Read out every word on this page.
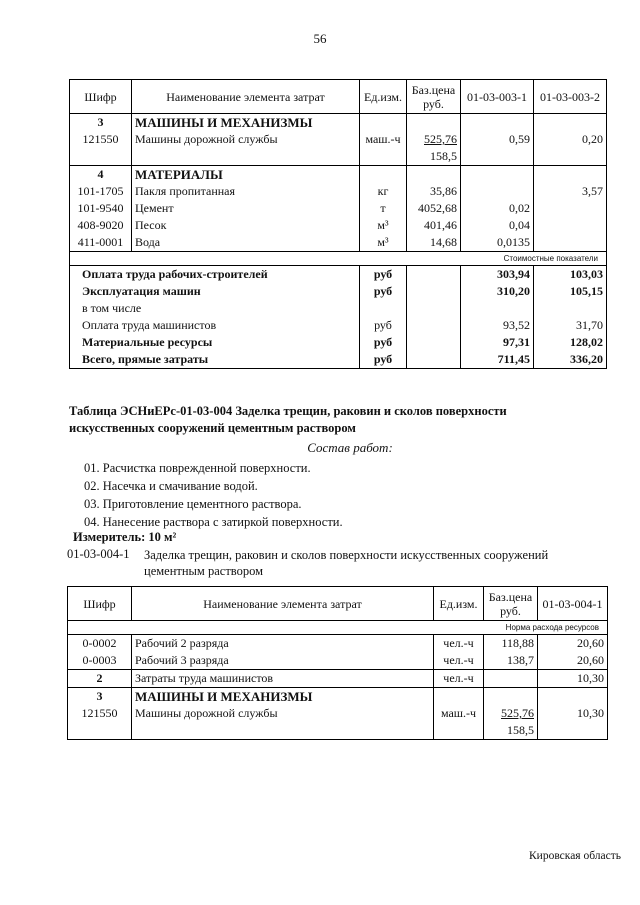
56
Шифр	Наименование элемента затрат	Ед.изм.	Баз.цена руб.	01-03-003-1	01-03-003-2
3	МАШИНЫ И МЕХАНИЗМЫ				
121550	Машины дорожной службы	маш.-ч	525,76	0,59	0,20
			158,5		
4	МАТЕРИАЛЫ				
101-1705	Пакля пропитанная	кг	35,86		3,57
101-9540	Цемент	т	4052,68	0,02	
408-9020	Песок	м³	401,46	0,04	
411-0001	Вода	м³	14,68	0,0135	
Стоимостные показатели					
Оплата труда рабочих-строителей		руб		303,94	103,03
Эксплуатация машин		руб		310,20	105,15
в том числе					
Оплата труда машинистов		руб		93,52	31,70
Материальные ресурсы		руб		97,31	128,02
Всего, прямые затраты		руб		711,45	336,20
Таблица ЭСНиЕРс-01-03-004 Заделка трещин, раковин и сколов поверхности
искусственных сооружений цементным раствором
Состав работ:
01. Расчистка поврежденной поверхности.
02. Насечка и смачивание водой.
03. Приготовление цементного раствора.
04. Нанесение раствора с затиркой поверхности.
Измеритель: 10 м²
01-03-004-1 Заделка трещин, раковин и сколов поверхности искусственных сооружений
цементным раствором
Шифр	Наименование элемента затрат	Ед.изм.	Баз.цена руб.	01-03-004-1
Норма расхода ресурсов				
0-0002	Рабочий 2 разряда	чел.-ч	118,88	20,60
0-0003	Рабочий 3 разряда	чел.-ч	138,7	20,60
2	Затраты труда машинистов	чел.-ч		10,30
3	МАШИНЫ И МЕХАНИЗМЫ			
121550	Машины дорожной службы	маш.-ч	525,76	10,30
			158,5	
Кировская область
